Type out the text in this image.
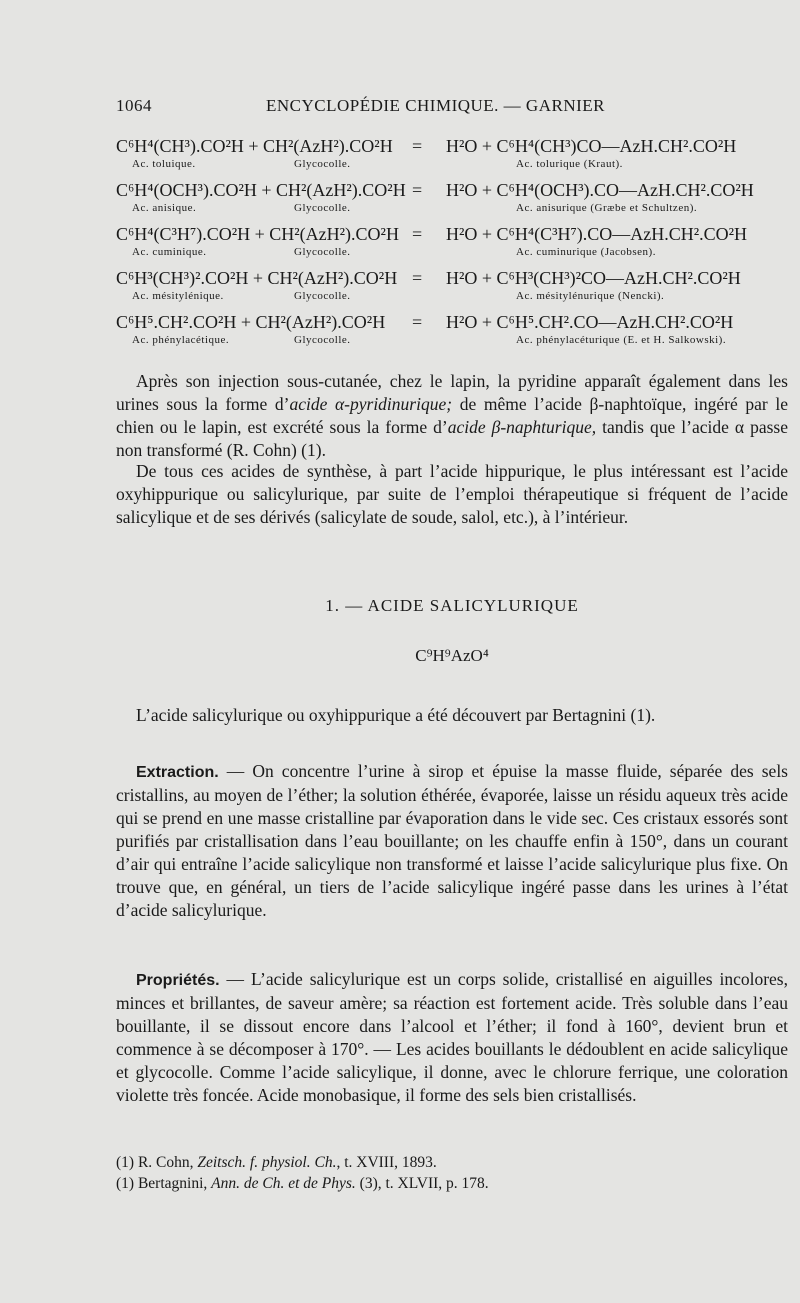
1064	ENCYCLOPÉDIE CHIMIQUE. — GARNIER
C⁶H⁴(CH³).CO²H + CH²(AzH²).CO²H = H²O + C⁶H⁴(CH³)CO—AzH.CH².CO²H
Ac. toluique.	Glycocolle.	Ac. tolurique (Kraut).
C⁶H⁴(OCH³).CO²H + CH²(AzH²).CO²H = H²O + C⁶H⁴(OCH³).CO—AzH.CH².CO²H
Ac. anisique.	Glycocolle.	Ac. anisurique (Græbe et Schultzen).
C⁶H⁴(C³H⁷).CO²H + CH²(AzH²).CO²H = H²O + C⁶H⁴(C³H⁷).CO—AzH.CH².CO²H
Ac. cuminique.	Glycocolle.	Ac. cuminurique (Jacobsen).
C⁶H³(CH³)².CO²H + CH²(AzH²).CO²H = H²O + C⁶H³(CH³)²CO—AzH.CH².CO²H
Ac. mésitylénique.	Glycocolle.	Ac. mésitylénurique (Nencki).
C⁶H⁵.CH².CO²H + CH²(AzH²).CO²H = H²O + C⁶H⁵.CH².CO—AzH.CH².CO²H
Ac. phénylacétique.	Glycocolle.	Ac. phénylacéturique (E. et H. Salkowski).

Après son injection sous-cutanée, chez le lapin, la pyridine apparaît également dans les urines sous la forme d’acide α-pyridinurique; de même l’acide β-naphtoïque, ingéré par le chien ou le lapin, est excrété sous la forme d’acide β-naphturique, tandis que l’acide α passe non transformé (R. Cohn) (1).

De tous ces acides de synthèse, à part l’acide hippurique, le plus intéressant est l’acide oxyhippurique ou salicylurique, par suite de l’emploi thérapeutique si fréquent de l’acide salicylique et de ses dérivés (salicylate de soude, salol, etc.), à l’intérieur.

1. — ACIDE SALICYLURIQUE
C⁹H⁹AzO⁴

L’acide salicylurique ou oxyhippurique a été découvert par Bertagnini (1).

Extraction. — On concentre l’urine à sirop et épuise la masse fluide, séparée des sels cristallins, au moyen de l’éther; la solution éthérée, évaporée, laisse un résidu aqueux très acide qui se prend en une masse cristalline par évaporation dans le vide sec. Ces cristaux essorés sont purifiés par cristallisation dans l’eau bouillante; on les chauffe enfin à 150°, dans un courant d’air qui entraîne l’acide salicylique non transformé et laisse l’acide salicylurique plus fixe. On trouve que, en général, un tiers de l’acide salicylique ingéré passe dans les urines à l’état d’acide salicylurique.

Propriétés. — L’acide salicylurique est un corps solide, cristallisé en aiguilles incolores, minces et brillantes, de saveur amère; sa réaction est fortement acide. Très soluble dans l’eau bouillante, il se dissout encore dans l’alcool et l’éther; il fond à 160°, devient brun et commence à se décomposer à 170°. — Les acides bouillants le dédoublent en acide salicylique et glycocolle. Comme l’acide salicylique, il donne, avec le chlorure ferrique, une coloration violette très foncée. Acide monobasique, il forme des sels bien cristallisés.

(1) R. Cohn, Zeitsch. f. physiol. Ch., t. XVIII, 1893.
(1) Bertagnini, Ann. de Ch. et de Phys. (3), t. XLVII, p. 178.
